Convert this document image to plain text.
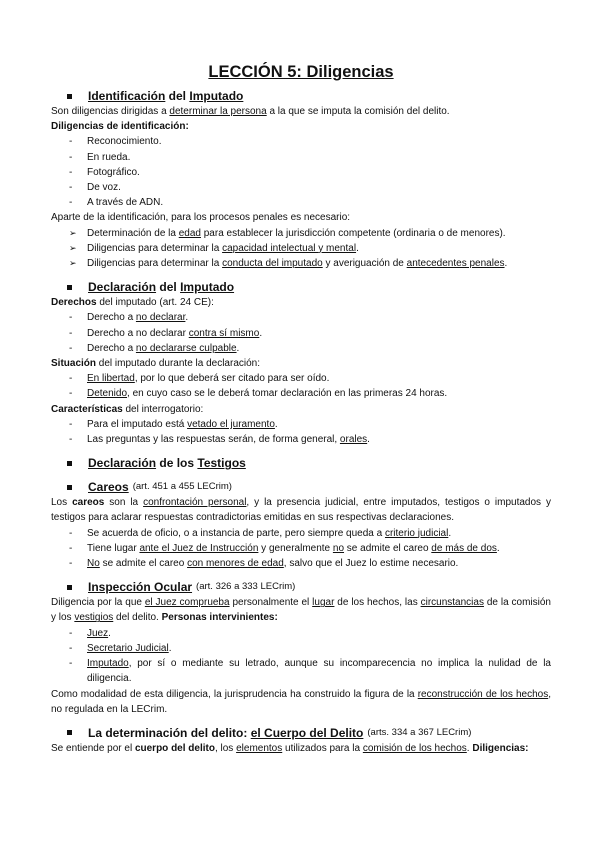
LECCIÓN 5: Diligencias
Identificación del Imputado

Son diligencias dirigidas a determinar la persona a la que se imputa la comisión del delito.

Diligencias de identificación:

- Reconocimiento.
- En rueda.
- Fotográfico.
- De voz.
- A través de ADN.

Aparte de la identificación, para los procesos penales es necesario:

➢ Determinación de la edad para establecer la jurisdicción competente (ordinaria o de menores).
➢ Diligencias para determinar la capacidad intelectual y mental.
➢ Diligencias para determinar la conducta del imputado y averiguación de antecedentes penales.
Declaración del Imputado

Derechos del imputado (art. 24 CE):

- Derecho a no declarar.
- Derecho a no declarar contra sí mismo.
- Derecho a no declararse culpable.

Situación del imputado durante la declaración:

- En libertad, por lo que deberá ser citado para ser oído.
- Detenido, en cuyo caso se le deberá tomar declaración en las primeras 24 horas.

Características del interrogatorio:

- Para el imputado está vetado el juramento.
- Las preguntas y las respuestas serán, de forma general, orales.
Declaración de los Testigos
Careos (art. 451 a 455 LECrim)

Los careos son la confrontación personal, y la presencia judicial, entre imputados, testigos o imputados y testigos para aclarar respuestas contradictorias emitidas en sus respectivas declaraciones.

- Se acuerda de oficio, o a instancia de parte, pero siempre queda a criterio judicial.
- Tiene lugar ante el Juez de Instrucción y generalmente no se admite el careo de más de dos.
- No se admite el careo con menores de edad, salvo que el Juez lo estime necesario.
Inspección Ocular (art. 326 a 333 LECrim)

Diligencia por la que el Juez comprueba personalmente el lugar de los hechos, las circunstancias de la comisión y los vestigios del delito. Personas intervinientes:

- Juez.
- Secretario Judicial.
- Imputado, por sí o mediante su letrado, aunque su incomparecencia no implica la nulidad de la diligencia.

Como modalidad de esta diligencia, la jurisprudencia ha construido la figura de la reconstrucción de los hechos, no regulada en la LECrim.

La determinación del delito: el Cuerpo del Delito (arts. 334 a 367 LECrim)

Se entiende por el cuerpo del delito, los elementos utilizados para la comisión de los hechos. Diligencias:
